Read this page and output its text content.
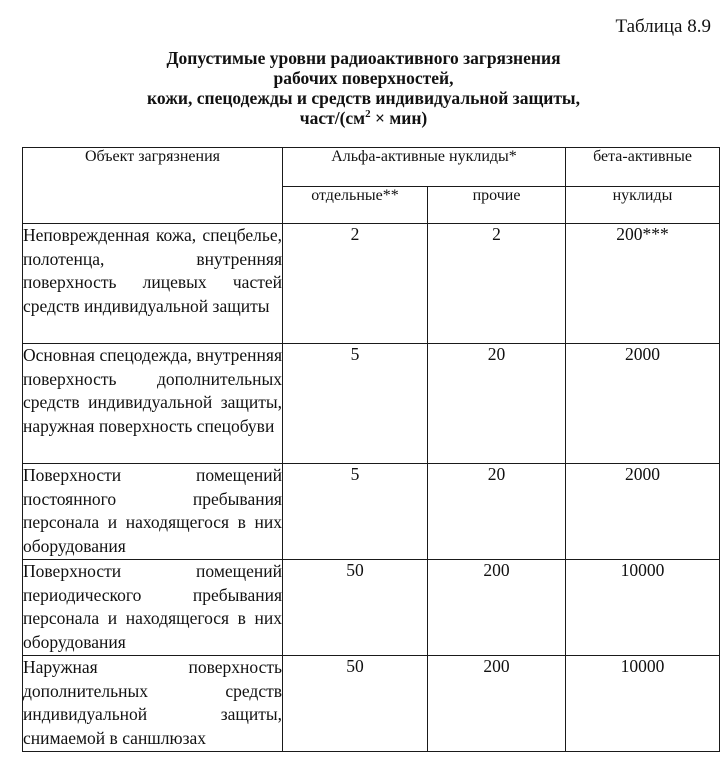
Таблица 8.9
Допустимые уровни радиоактивного загрязнения
рабочих поверхностей,
кожи, спецодежды и средств индивидуальной защиты,
част/$(см^2 \times мин)$
Объект загрязнения	Альфа-активные нуклиды*		бета-активные
	отдельные**	прочие	нуклиды
Неповрежденная кожа, спецбелье, полотенца, внутренняя поверхность лицевых частей средств индивидуальной защиты	2	2	200***
Основная спецодежда, внутренняя поверхность дополнительных средств индивидуальной защиты, наружная поверхность спецобуви	5	20	2000
Поверхности помещений постоянного пребывания персонала и находящегося в них оборудования	5	20	2000
Поверхности помещений периодического пребывания персонала и находящегося в них оборудования	50	200	10000
Наружная поверхность дополнительных средств индивидуальной защиты, снимаемой в саншлюзах	50	200	10000
